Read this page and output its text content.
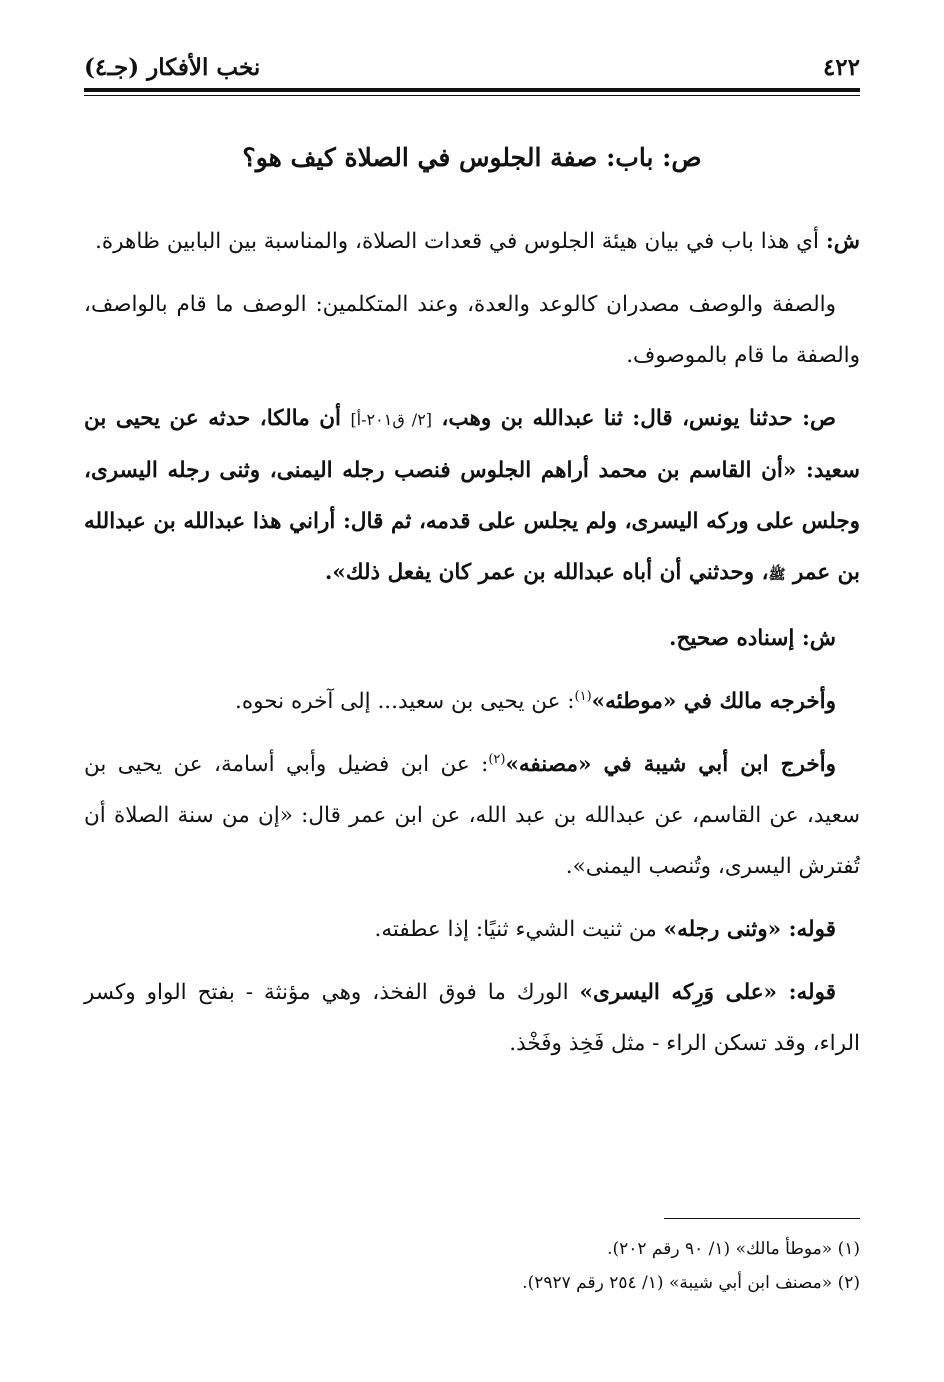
٤٢٢
نخب الأفكار (جـ٤)
ص: باب: صفة الجلوس في الصلاة كيف هو؟

ش: أي هذا باب في بيان هيئة الجلوس في قعدات الصلاة، والمناسبة بين البابين ظاهرة.

والصفة والوصف مصدران كالوعد والعدة، وعند المتكلمين: الوصف ما قام بالواصف، والصفة ما قام بالموصوف.

ص: حدثنا يونس، قال: ثنا عبدالله بن وهب، [٢/ ق٢٠١-أ] أن مالكا، حدثه عن يحيى بن سعيد: «أن القاسم بن محمد أراهم الجلوس فنصب رجله اليمنى، وثنى رجله اليسرى، وجلس على وركه اليسرى، ولم يجلس على قدمه، ثم قال: أراني هذا عبدالله بن عبدالله بن عمر ﷺ، وحدثني أن أباه عبدالله بن عمر كان يفعل ذلك».

ش: إسناده صحيح.

وأخرجه مالك في «موطئه»$^{(١)}$: عن يحيى بن سعيد... إلى آخره نحوه.

وأخرج ابن أبي شيبة في «مصنفه»$^{(٢)}$: عن ابن فضيل وأبي أسامة، عن يحيى بن سعيد، عن القاسم، عن عبدالله بن عبد الله، عن ابن عمر قال: «إن من سنة الصلاة أن تُفترش اليسرى، وتُنصب اليمنى».

قوله: «وثنى رجله» من ثنيت الشيء ثنيًا: إذا عطفته.

قوله: «على وَرِكه اليسرى» الورك ما فوق الفخذ، وهي مؤنثة - بفتح الواو وكسر الراء، وقد تسكن الراء - مثل فَخِذ وفَخْذ.

(١) «موطأ مالك» (١/ ٩٠ رقم ٢٠٢).
(٢) «مصنف ابن أبي شيبة» (١/ ٢٥٤ رقم ٢٩٢٧).
